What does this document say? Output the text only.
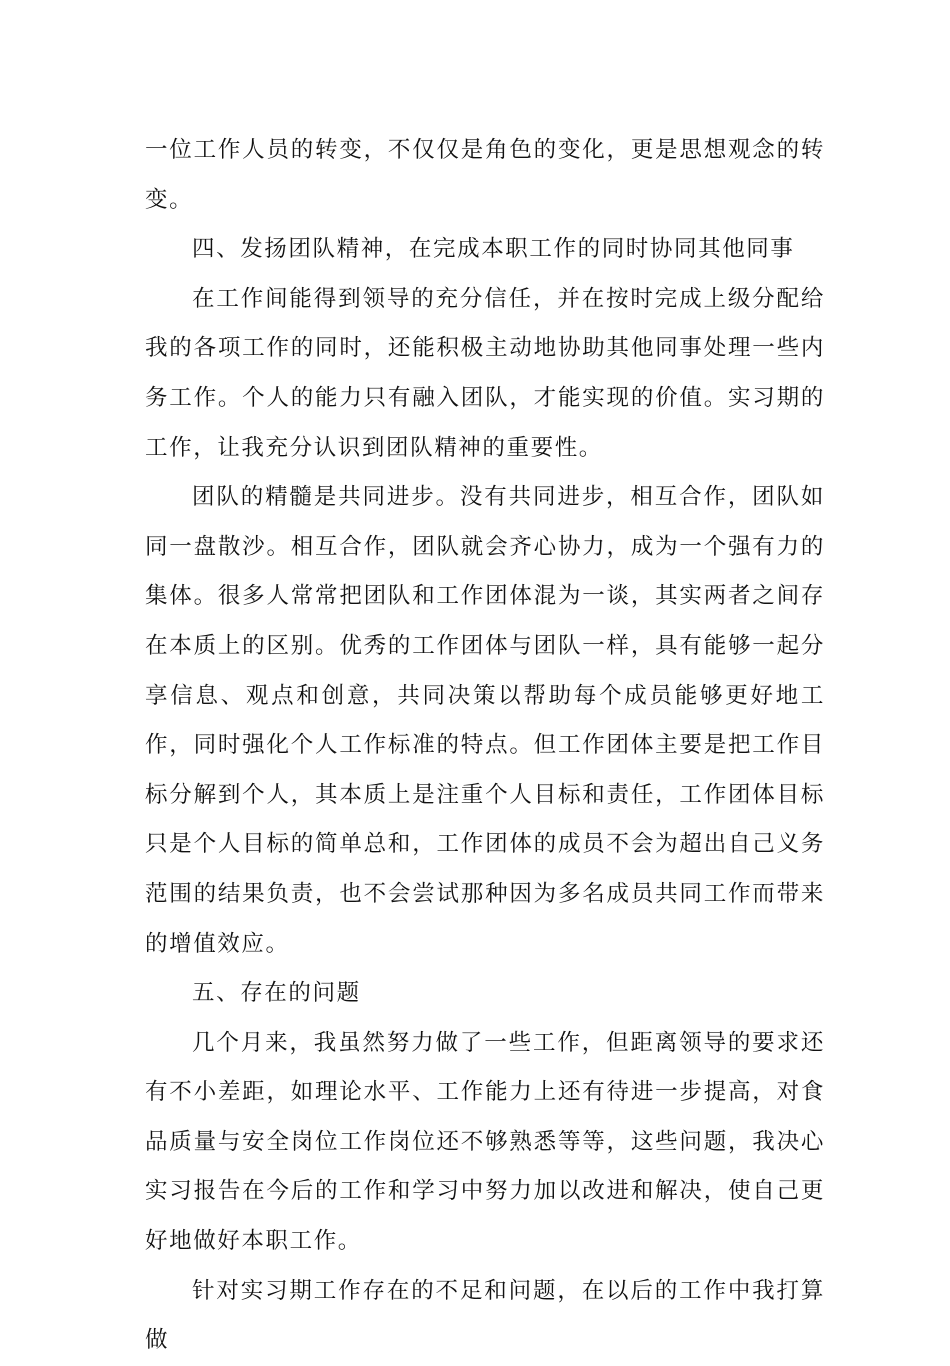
一位工作人员的转变，不仅仅是角色的变化，更是思想观念的转变。

四、发扬团队精神，在完成本职工作的同时协同其他同事

在工作间能得到领导的充分信任，并在按时完成上级分配给我的各项工作的同时，还能积极主动地协助其他同事处理一些内务工作。个人的能力只有融入团队，才能实现的价值。实习期的工作，让我充分认识到团队精神的重要性。

团队的精髓是共同进步。没有共同进步，相互合作，团队如同一盘散沙。相互合作，团队就会齐心协力，成为一个强有力的集体。很多人常常把团队和工作团体混为一谈，其实两者之间存在本质上的区别。优秀的工作团体与团队一样，具有能够一起分享信息、观点和创意，共同决策以帮助每个成员能够更好地工作，同时强化个人工作标准的特点。但工作团体主要是把工作目标分解到个人，其本质上是注重个人目标和责任，工作团体目标只是个人目标的简单总和，工作团体的成员不会为超出自己义务范围的结果负责，也不会尝试那种因为多名成员共同工作而带来的增值效应。

五、存在的问题

几个月来，我虽然努力做了一些工作，但距离领导的要求还有不小差距，如理论水平、工作能力上还有待进一步提高，对食品质量与安全岗位工作岗位还不够熟悉等等，这些问题，我决心实习报告在今后的工作和学习中努力加以改进和解决，使自己更好地做好本职工作。

针对实习期工作存在的不足和问题，在以后的工作中我打算做
